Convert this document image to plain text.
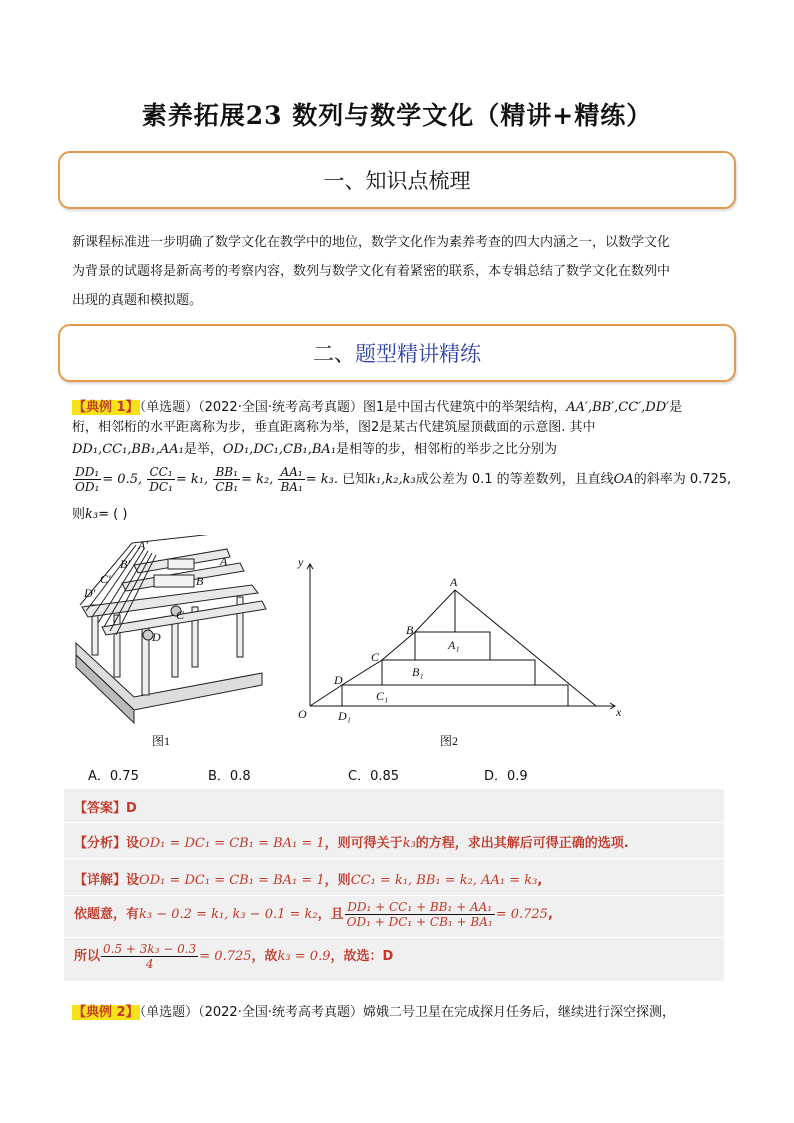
素养拓展23 数列与数学文化（精讲+精练）
一、知识点梳理
新课程标准进一步明确了数学文化在教学中的地位，数学文化作为素养考查的四大内涵之一，以数学文化
为背景的试题将是新高考的考察内容，数列与数学文化有着紧密的联系，本专辑总结了数学文化在数列中
出现的真题和模拟题。
二、题型精讲精练
【典例 1】（单选题）（2022·全国·统考高考真题）图1是中国古代建筑中的举架结构，AA′,BB′,CC′,DD′是
桁，相邻桁的水平距离称为步，垂直距离称为举，图2是某古代建筑屋顶截面的示意图. 其中
DD₁,CC₁,BB₁,AA₁是举，OD₁,DC₁,CB₁,BA₁是相等的步，相邻桁的举步之比分别为
$\frac{\text{DD₁}}{\text{OD₁}} = 0.5$, $\frac{\text{CC₁}}{\text{DC₁}} = k_1$, $\frac{\text{BB₁}}{\text{CB₁}} = k_2$, $\frac{\text{AA₁}}{\text{BA₁}} = k_3$. 已知k₁,k₂,k₃成公差为 0.1 的等差数列，且直线OA的斜率为 0.725,
则k₃= ( )
A′
B′
C′
D′
A
B
C
D
图1
y
x
O
A
A₁
B
B₁
C
C₁
D
D₁
图2
A．0.75	B．0.8	C．0.85	D．0.9
【答案】D
【分析】设OD₁ = DC₁ = CB₁ = BA₁ = 1，则可得关于k₃的方程，求出其解后可得正确的选项.
【详解】设OD₁ = DC₁ = CB₁ = BA₁ = 1，则CC₁ = k₁, BB₁ = k₂, AA₁ = k₃,
依题意，有k₃ − 0.2 = k₁, k₃ − 0.1 = k₂，且 $\frac{\text{DD₁ + CC₁ + BB₁ + AA₁}}{\text{OD₁ + DC₁ + CB₁ + BA₁}} = 0.725$,
所以 $\frac{\text{0.5 + 3k₃ − 0.3}}{4} = 0.725$，故k₃ = 0.9，故选：D
【典例 2】（单选题）（2022·全国·统考高考真题）嫦娥二号卫星在完成探月任务后，继续进行深空探测，
